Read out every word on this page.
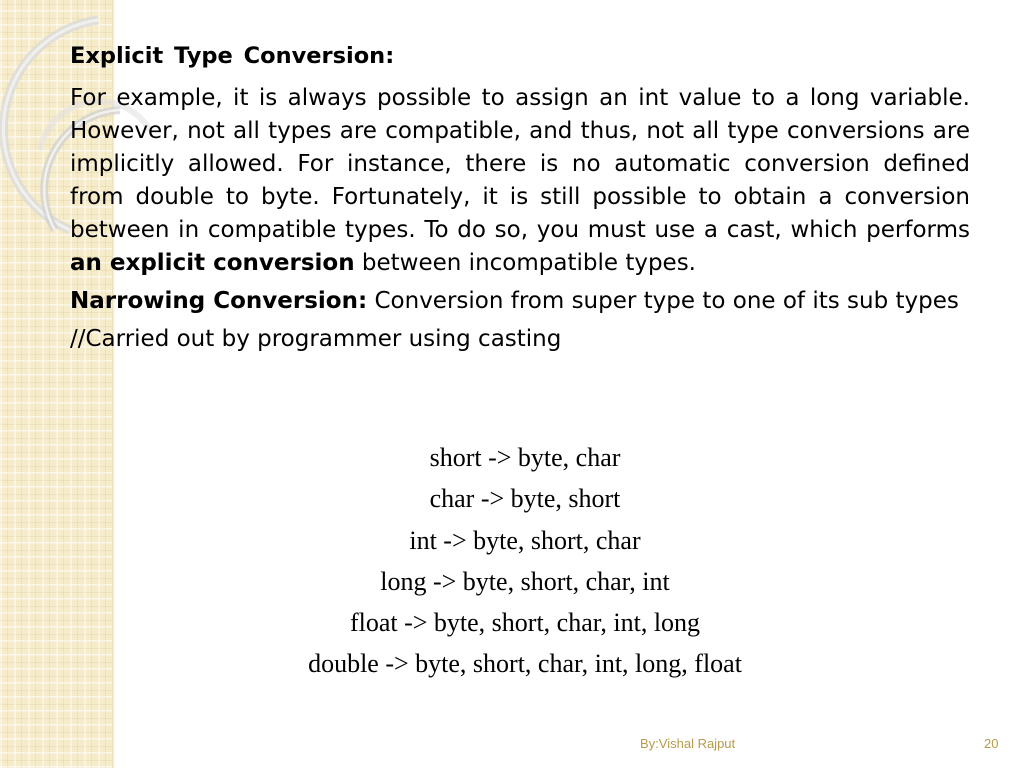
Explicit Type Conversion:
For example, it is always possible to assign an int value to a long variable. However, not all types are compatible, and thus, not all type conversions are implicitly allowed. For instance, there is no automatic conversion defined from double to byte. Fortunately, it is still possible to obtain a conversion between in compatible types. To do so, you must use a cast, which performs an explicit conversion between incompatible types.
Narrowing Conversion: Conversion from super type to one of its sub types
//Carried out by programmer using casting
short -> byte, char
char -> byte, short
int -> byte, short, char
long -> byte, short, char, int
float -> byte, short, char, int, long
double -> byte, short, char, int, long, float
By:Vishal Rajput	20
